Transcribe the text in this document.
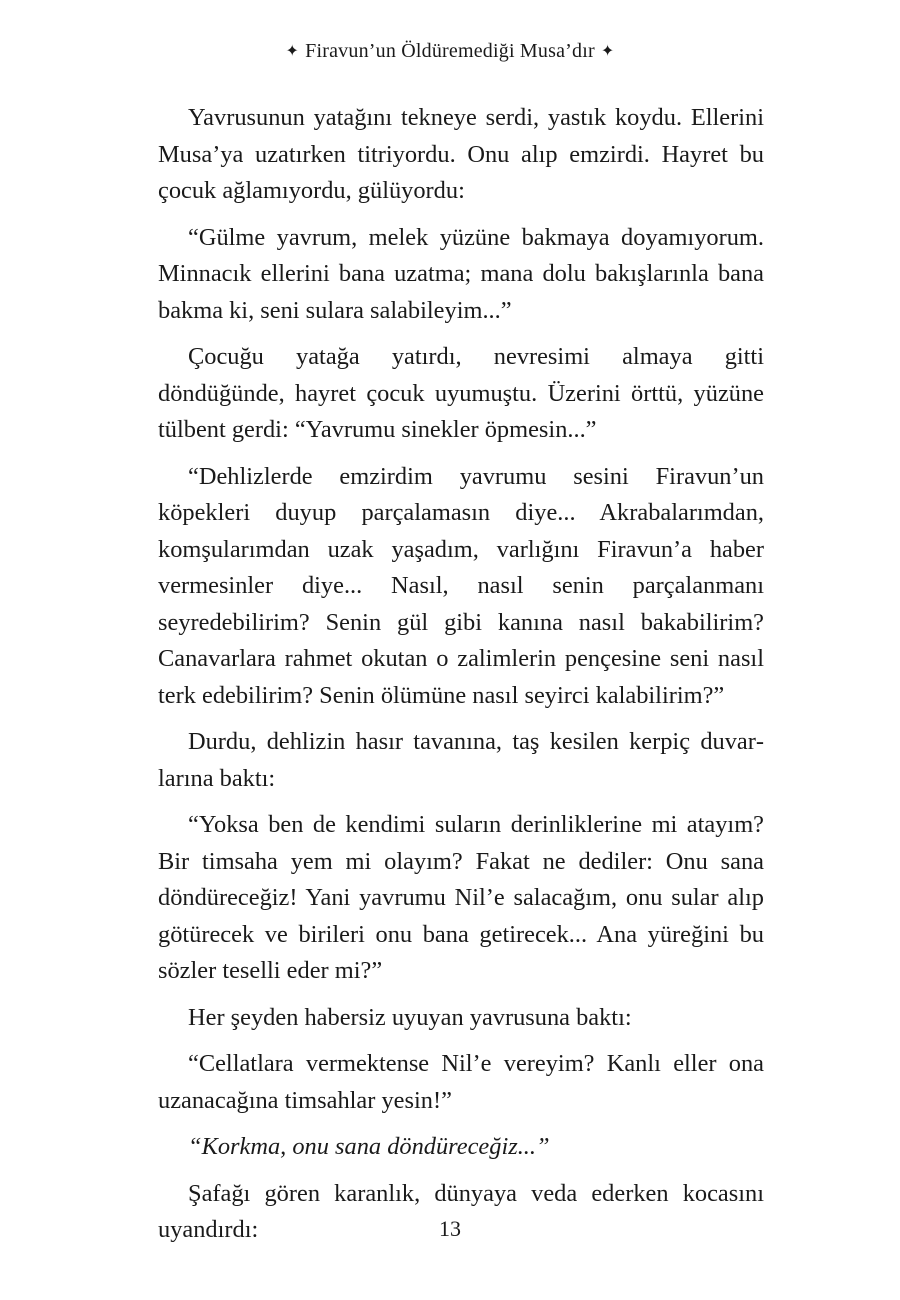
✦ Firavun’un Öldüremediği Musa’dır ✦

Yavrusunun yatağını tekneye serdi, yastık koydu. Ellerini Musa’ya uzatırken titriyordu. Onu alıp emzirdi. Hayret bu çocuk ağlamıyordu, gülüyordu:

“Gülme yavrum, melek yüzüne bakmaya doyamıyorum. Minnacık ellerini bana uzatma; mana dolu bakışlarınla bana bakma ki, seni sulara salabileyim...”

Çocuğu yatağa yatırdı, nevresimi almaya gitti döndüğünde, hayret çocuk uyumuştu. Üzerini örttü, yüzüne tülbent gerdi: “Yavrumu sinekler öpmesin...”

“Dehlizlerde emzirdim yavrumu sesini Firavun’un köpekleri duyup parçalamasın diye... Akrabalarımdan, komşularımdan uzak yaşadım, varlığını Firavun’a haber vermesinler diye... Nasıl, nasıl senin parçalanmanı seyredebilirim? Senin gül gibi kanına nasıl bakabilirim? Canavarlara rahmet okutan o zalimlerin pençesine seni nasıl terk edebilirim? Senin ölümüne nasıl seyirci kalabilirim?”

Durdu, dehlizin hasır tavanına, taş kesilen kerpiç duvarlarına baktı:

“Yoksa ben de kendimi suların derinliklerine mi atayım? Bir timsaha yem mi olayım? Fakat ne dediler: Onu sana döndüreceğiz! Yani yavrumu Nil’e salacağım, onu sular alıp götürecek ve birileri onu bana getirecek... Ana yüreğini bu sözler teselli eder mi?”

Her şeyden habersiz uyuyan yavrusuna baktı:

“Cellatlara vermektense Nil’e vereyim? Kanlı eller ona uzanacağına timsahlar yesin!”

“Korkma, onu sana döndüreceğiz...”

Şafağı gören karanlık, dünyaya veda ederken kocasını uyandırdı:	13
